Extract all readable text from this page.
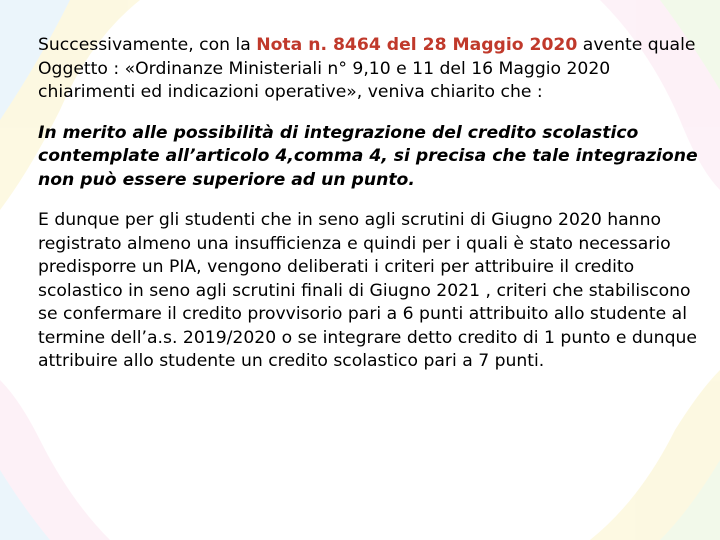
Successivamente, con la Nota n. 8464 del 28 Maggio 2020 avente quale Oggetto : «Ordinanze Ministeriali n° 9,10 e 11 del 16 Maggio 2020 chiarimenti ed indicazioni operative», veniva chiarito che :

In merito alle possibilità di integrazione del credito scolastico contemplate all’articolo 4,comma 4, si precisa che tale integrazione non può essere superiore ad un punto.

E dunque per gli studenti che in seno agli scrutini di Giugno 2020 hanno registrato almeno una insufficienza e quindi per i quali è stato necessario predisporre un PIA, vengono deliberati i criteri per attribuire il credito scolastico in seno agli scrutini finali di Giugno 2021 , criteri che stabiliscono se confermare il credito provvisorio pari a 6 punti attribuito allo studente al termine dell’a.s. 2019/2020 o se integrare detto credito di 1 punto e dunque attribuire allo studente un credito scolastico pari a 7 punti.
